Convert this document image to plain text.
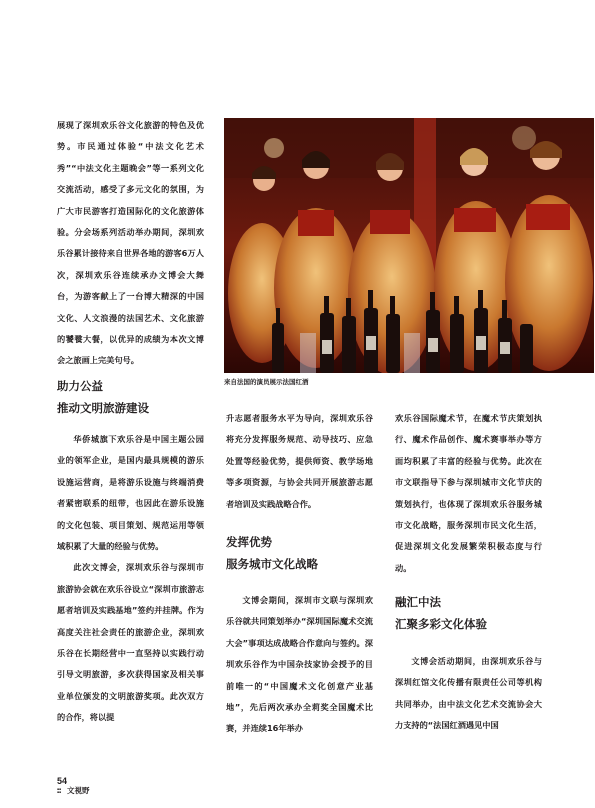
展现了深圳欢乐谷文化旅游的特色及优势。市民通过体验“中法文化艺术秀”“中法文化主题晚会”等一系列文化交流活动，感受了多元文化的氛围，为广大市民游客打造国际化的文化旅游体验。分会场系列活动举办期间，深圳欢乐谷累计接待来自世界各地的游客6万人次，深圳欢乐谷连续承办文博会大舞台，为游客献上了一台博大精深的中国文化、人文浪漫的法国艺术、文化旅游的饕餮大餐，以优异的成绩为本次文博会之旅画上完美句号。

助力公益
推动文明旅游建设

华侨城旗下欢乐谷是中国主题公园业的领军企业，是国内最具规模的游乐设施运营商，是将游乐设施与终端消费者紧密联系的纽带，也因此在游乐设施的文化包装、项目策划、规范运用等领域积累了大量的经验与优势。

此次文博会，深圳欢乐谷与深圳市旅游协会就在欢乐谷设立“深圳市旅游志愿者培训及实践基地”签约并挂牌。作为高度关注社会责任的旅游企业，深圳欢乐谷在长期经营中一直坚持以实践行动引导文明旅游，多次获得国家及相关事业单位颁发的文明旅游奖项。此次双方的合作，将以提

来自法国的演员展示法国红酒

升志愿者服务水平为导向，深圳欢乐谷将充分发挥服务规范、动导技巧、应急处置等经验优势，提供师资、教学场地等多项资源，与协会共同开展旅游志愿者培训及实践战略合作。

发挥优势
服务城市文化战略

文博会期间，深圳市文联与深圳欢乐谷就共同策划举办“深圳国际魔术交流大会”事项达成战略合作意向与签约。深圳欢乐谷作为中国杂技家协会授予的目前唯一的“中国魔术文化创意产业基地”，先后两次承办全莉奖全国魔术比赛，并连续16年举办

欢乐谷国际魔术节，在魔术节庆策划执行、魔术作品创作、魔术赛事举办等方面均积累了丰富的经验与优势。此次在市文联指导下参与深圳城市文化节庆的策划执行，也体现了深圳欢乐谷服务城市文化战略，服务深圳市民文化生活，促进深圳文化发展繁荣积极态度与行动。

融汇中法
汇聚多彩文化体验

文博会活动期间，由深圳欢乐谷与深圳红馆文化传播有限责任公司等机构共同举办，由中法文化艺术交流协会大力支持的“法国红酒遇见中国

54
▪▪
▪▪ 文視野
